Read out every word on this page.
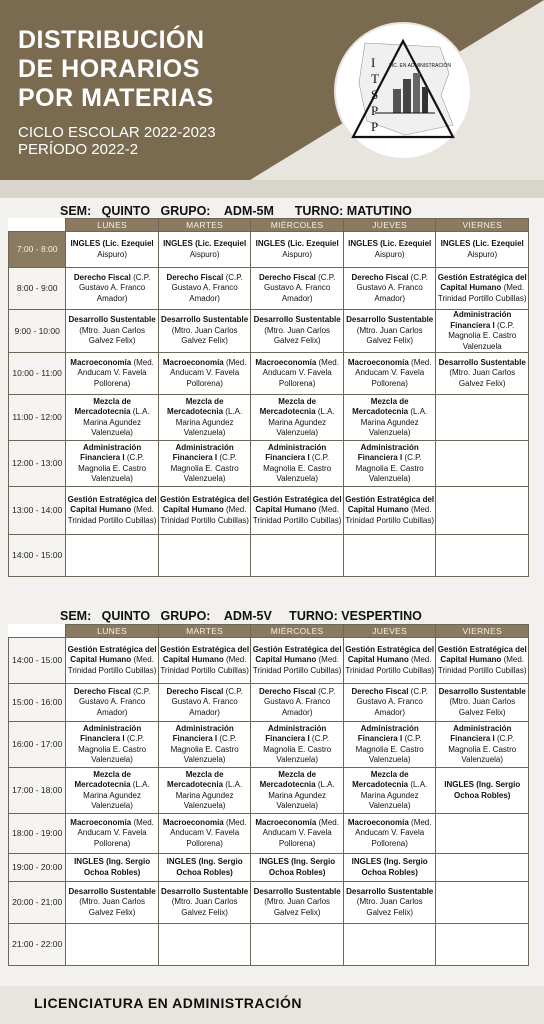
DISTRIBUCIÓN
DE HORARIOS
POR MATERIAS
CICLO ESCOLAR 2022-2023
PERÍODO 2022-2
I
T
S
P
P
LIC. EN ADMINISTRACIÓN
SEM:   QUINTO   GRUPO:    ADM-5M      TURNO: MATUTINO
	LUNES	MARTES	MIÉRCOLES	JUEVES	VIERNES
7:00 - 8:00	INGLES (Lic. Ezequiel Aispuro)	INGLES (Lic. Ezequiel Aispuro)	INGLES (Lic. Ezequiel Aispuro)	INGLES (Lic. Ezequiel Aispuro)	INGLES (Lic. Ezequiel Aispuro)
8:00 - 9:00	Derecho Fiscal (C.P. Gustavo A. Franco Amador)	Derecho Fiscal (C.P. Gustavo A. Franco Amador)	Derecho Fiscal (C.P. Gustavo A. Franco Amador)	Derecho Fiscal (C.P. Gustavo A. Franco Amador)	Gestión Estratégica del Capital Humano (Med. Trinidad Portillo Cubillas)
9:00 - 10:00	Desarrollo Sustentable (Mtro. Juan Carlos Galvez Felix)	Desarrollo Sustentable (Mtro. Juan Carlos Galvez Felix)	Desarrollo Sustentable (Mtro. Juan Carlos Galvez Felix)	Desarrollo Sustentable (Mtro. Juan Carlos Galvez Felix)	Administración Financiera I (C.P. Magnolia E. Castro Valenzuela
10:00 - 11:00	Macroeconomía (Med. Anducam V. Favela Pollorena)	Macroeconomía (Med. Anducam V. Favela Pollorena)	Macroeconomía (Med. Anducam V. Favela Pollorena)	Macroeconomía (Med. Anducam V. Favela Pollorena)	Desarrollo Sustentable (Mtro. Juan Carlos Galvez Felix)
11:00 - 12:00	Mezcla de Mercadotecnia (L.A. Marina Agundez Valenzuela)	Mezcla de Mercadotecnia (L.A. Marina Agundez Valenzuela)	Mezcla de Mercadotecnia (L.A. Marina Agundez Valenzuela)	Mezcla de Mercadotecnia (L.A. Marina Agundez Valenzuela)	
12:00 - 13:00	Administración Financiera I (C.P. Magnolia E. Castro Valenzuela)	Administración Financiera I (C.P. Magnolia E. Castro Valenzuela)	Administración Financiera I (C.P. Magnolia E. Castro Valenzuela)	Administración Financiera I (C.P. Magnolia E. Castro Valenzuela)	
13:00 - 14:00	Gestión Estratégica del Capital Humano (Med. Trinidad Portillo Cubillas)	Gestión Estratégica del Capital Humano (Med. Trinidad Portillo Cubillas)	Gestión Estratégica del Capital Humano (Med. Trinidad Portillo Cubillas)	Gestión Estratégica del Capital Humano (Med. Trinidad Portillo Cubillas)	
14:00 - 15:00					
SEM:   QUINTO   GRUPO:    ADM-5V     TURNO: VESPERTINO
	LUNES	MARTES	MIÉRCOLES	JUEVES	VIERNES
14:00 - 15:00	Gestión Estratégica del Capital Humano (Med. Trinidad Portillo Cubillas)	Gestión Estratégica del Capital Humano (Med. Trinidad Portillo Cubillas)	Gestión Estratégica del Capital Humano (Med. Trinidad Portillo Cubillas)	Gestión Estratégica del Capital Humano (Med. Trinidad Portillo Cubillas)	Gestión Estratégica del Capital Humano (Med. Trinidad Portillo Cubillas)
15:00 - 16:00	Derecho Fiscal (C.P. Gustavo A. Franco Amador)	Derecho Fiscal (C.P. Gustavo A. Franco Amador)	Derecho Fiscal (C.P. Gustavo A. Franco Amador)	Derecho Fiscal (C.P. Gustavo A. Franco Amador)	Desarrollo Sustentable (Mtro. Juan Carlos Galvez Felix)
16:00 - 17:00	Administración Financiera I (C.P. Magnolia E. Castro Valenzuela)	Administración Financiera I (C.P. Magnolia E. Castro Valenzuela)	Administración Financiera I (C.P. Magnolia E. Castro Valenzuela)	Administración Financiera I (C.P. Magnolia E. Castro Valenzuela)	Administración Financiera I (C.P. Magnolia E. Castro Valenzuela)
17:00 - 18:00	Mezcla de Mercadotecnia (L.A. Marina Agundez Valenzuela)	Mezcla de Mercadotecnia (L.A. Marina Agundez Valenzuela)	Mezcla de Mercadotecnia (L.A. Marina Agundez Valenzuela)	Mezcla de Mercadotecnia (L.A. Marina Agundez Valenzuela)	INGLES (Ing. Sergio Ochoa Robles)
18:00 - 19:00	Macroeconomía (Med. Anducam V. Favela Pollorena)	Macroeconomía (Med. Anducam V. Favela Pollorena)	Macroeconomía (Med. Anducam V. Favela Pollorena)	Macroeconomía (Med. Anducam V. Favela Pollorena)	
19:00 - 20:00	INGLES (Ing. Sergio Ochoa Robles)	INGLES (Ing. Sergio Ochoa Robles)	INGLES (Ing. Sergio Ochoa Robles)	INGLES (Ing. Sergio Ochoa Robles)	
20:00 - 21:00	Desarrollo Sustentable (Mtro. Juan Carlos Galvez Felix)	Desarrollo Sustentable (Mtro. Juan Carlos Galvez Felix)	Desarrollo Sustentable (Mtro. Juan Carlos Galvez Felix)	Desarrollo Sustentable (Mtro. Juan Carlos Galvez Felix)	
21:00 - 22:00					
LICENCIATURA EN ADMINISTRACIÓN
